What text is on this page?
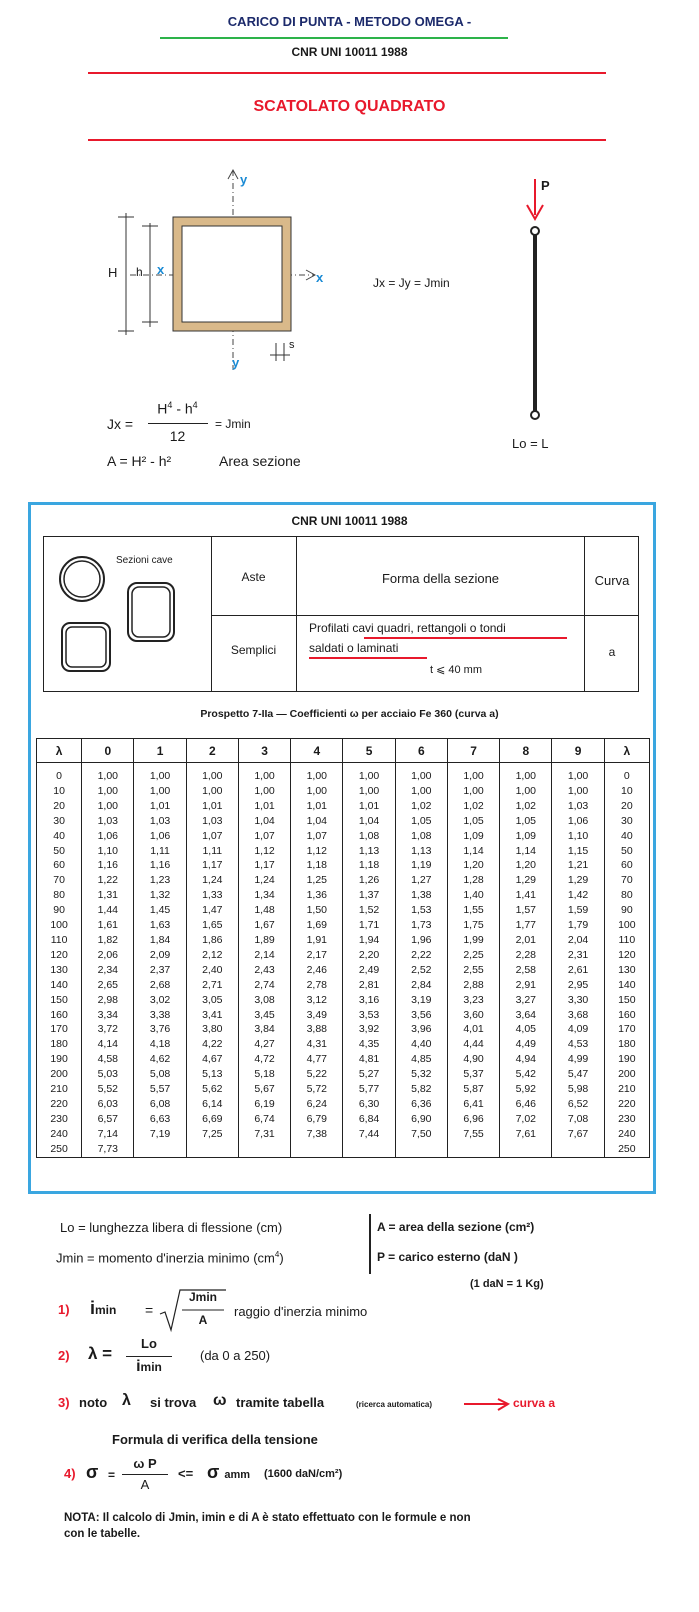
CARICO DI PUNTA - METODO OMEGA -
CNR UNI 10011 1988
SCATOLATO QUADRATO
y
y
x
x
H h
s
Jx = Jy = Jmin
P
Lo = L
Jx =
$H^4 - h^4$
12
= Jmin
A = H² - h²	Area sezione
CNR UNI 10011 1988
Sezioni cave
Aste	Forma della sezione	Curva
Semplici
Profilati cavi quadri, rettangoli o tondi
saldati o laminati
t ⩽ 40 mm
a
Prospetto 7-IIa — Coefficienti ω per acciaio Fe 360 (curva a)
λ	0	1	2	3	4	5	6	7	8	9	λ
0	1,00	1,00	1,00	1,00	1,00	1,00	1,00	1,00	1,00	1,00	0
10	1,00	1,00	1,00	1,00	1,00	1,00	1,00	1,00	1,00	1,00	10
20	1,00	1,01	1,01	1,01	1,01	1,01	1,02	1,02	1,02	1,03	20
30	1,03	1,03	1,03	1,04	1,04	1,04	1,05	1,05	1,05	1,06	30
40	1,06	1,06	1,07	1,07	1,07	1,08	1,08	1,09	1,09	1,10	40
50	1,10	1,11	1,11	1,12	1,12	1,13	1,13	1,14	1,14	1,15	50
60	1,16	1,16	1,17	1,17	1,18	1,18	1,19	1,20	1,20	1,21	60
70	1,22	1,23	1,24	1,24	1,25	1,26	1,27	1,28	1,29	1,29	70
80	1,31	1,32	1,33	1,34	1,36	1,37	1,38	1,40	1,41	1,42	80
90	1,44	1,45	1,47	1,48	1,50	1,52	1,53	1,55	1,57	1,59	90
100	1,61	1,63	1,65	1,67	1,69	1,71	1,73	1,75	1,77	1,79	100
110	1,82	1,84	1,86	1,89	1,91	1,94	1,96	1,99	2,01	2,04	110
120	2,06	2,09	2,12	2,14	2,17	2,20	2,22	2,25	2,28	2,31	120
130	2,34	2,37	2,40	2,43	2,46	2,49	2,52	2,55	2,58	2,61	130
140	2,65	2,68	2,71	2,74	2,78	2,81	2,84	2,88	2,91	2,95	140
150	2,98	3,02	3,05	3,08	3,12	3,16	3,19	3,23	3,27	3,30	150
160	3,34	3,38	3,41	3,45	3,49	3,53	3,56	3,60	3,64	3,68	160
170	3,72	3,76	3,80	3,84	3,88	3,92	3,96	4,01	4,05	4,09	170
180	4,14	4,18	4,22	4,27	4,31	4,35	4,40	4,44	4,49	4,53	180
190	4,58	4,62	4,67	4,72	4,77	4,81	4,85	4,90	4,94	4,99	190
200	5,03	5,08	5,13	5,18	5,22	5,27	5,32	5,37	5,42	5,47	200
210	5,52	5,57	5,62	5,67	5,72	5,77	5,82	5,87	5,92	5,98	210
220	6,03	6,08	6,14	6,19	6,24	6,30	6,36	6,41	6,46	6,52	220
230	6,57	6,63	6,69	6,74	6,79	6,84	6,90	6,96	7,02	7,08	230
240	7,14	7,19	7,25	7,31	7,38	7,44	7,50	7,55	7,61	7,67	240
250	7,73										250
Lo = lunghezza libera di flessione (cm)
Jmin = momento d'inerzia minimo $(cm^4)$
A = area della sezione (cm²)
P = carico esterno (daN )
(1 daN = 1 Kg)
1) imin =
Jmin
A
raggio d'inerzia minimo
2) λ =
Lo
imin
(da 0 a 250)
3) noto λ si trova ω tramite tabella	(ricerca automatica)	curva a
Formula di verifica della tensione
4) σ =
ω P
A
<= σ amm (1600 daN/cm²)
NOTA: Il calcolo di Jmin, imin e di A è stato effettuato con le formule e non con le tabelle.
